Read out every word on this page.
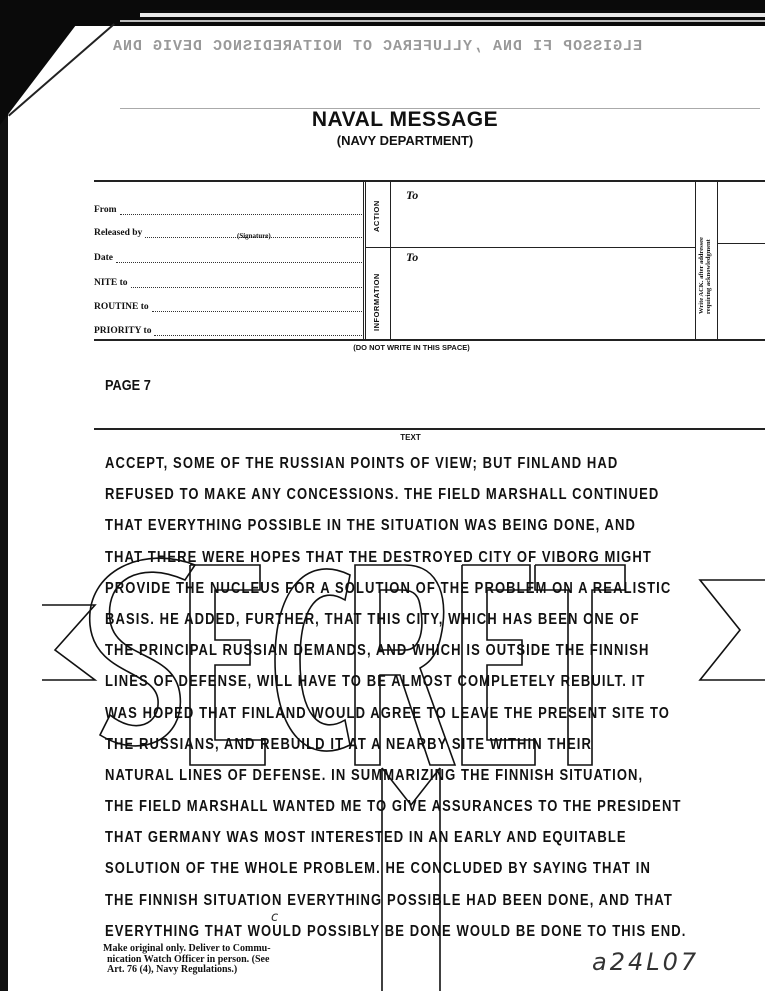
ELGISSOP FI DNA ,YLLUFERAC OT NOITAREDISNOC DEVIG DNA
NAVAL MESSAGE
(NAVY DEPARTMENT)
From
Released by	(Signature)
Date
NITE to
ROUTINE to
PRIORITY to
ACTION
INFORMATION
To
To	Write ACK. after addressee
requiring acknowledgment
(DO NOT WRITE IN THIS SPACE)
PAGE 7
TEXT
ACCEPT, SOME OF THE RUSSIAN POINTS OF VIEW; BUT FINLAND HAD
REFUSED TO MAKE ANY CONCESSIONS. THE FIELD MARSHALL CONTINUED
THAT EVERYTHING POSSIBLE IN THE SITUATION WAS BEING DONE, AND
THAT THERE WERE HOPES THAT THE DESTROYED CITY OF VIBORG MIGHT
PROVIDE THE NUCLEUS FOR A SOLUTION OF THE PROBLEM ON A REALISTIC
BASIS. HE ADDED, FURTHER, THAT THIS CITY, WHICH HAS BEEN ONE OF
THE PRINCIPAL RUSSIAN DEMANDS, AND WHICH IS OUTSIDE THE FINNISH
LINES OF DEFENSE, WILL HAVE TO BE ALMOST COMPLETELY REBUILT. IT
WAS HOPED THAT FINLAND WOULD AGREE TO LEAVE THE PRESENT SITE TO
THE RUSSIANS, AND REBUILD IT AT A NEARBY SITE WITHIN THEIR
NATURAL LINES OF DEFENSE. IN SUMMARIZING THE FINNISH SITUATION,
THE FIELD MARSHALL WANTED ME TO GIVE ASSURANCES TO THE PRESIDENT
THAT GERMANY WAS MOST INTERESTED IN AN EARLY AND EQUITABLE
SOLUTION OF THE WHOLE PROBLEM. HE CONCLUDED BY SAYING THAT IN
THE FINNISH SITUATION EVERYTHING POSSIBLE HAD BEEN DONE, AND THAT
EVERYTHING THAT WOULD POSSIBLY BE DONE WOULD BE DONE TO THIS END.
c
Make original only. Deliver to Commu-
nication Watch Officer in person. (See
Art. 76 (4), Navy Regulations.)	a24L07
